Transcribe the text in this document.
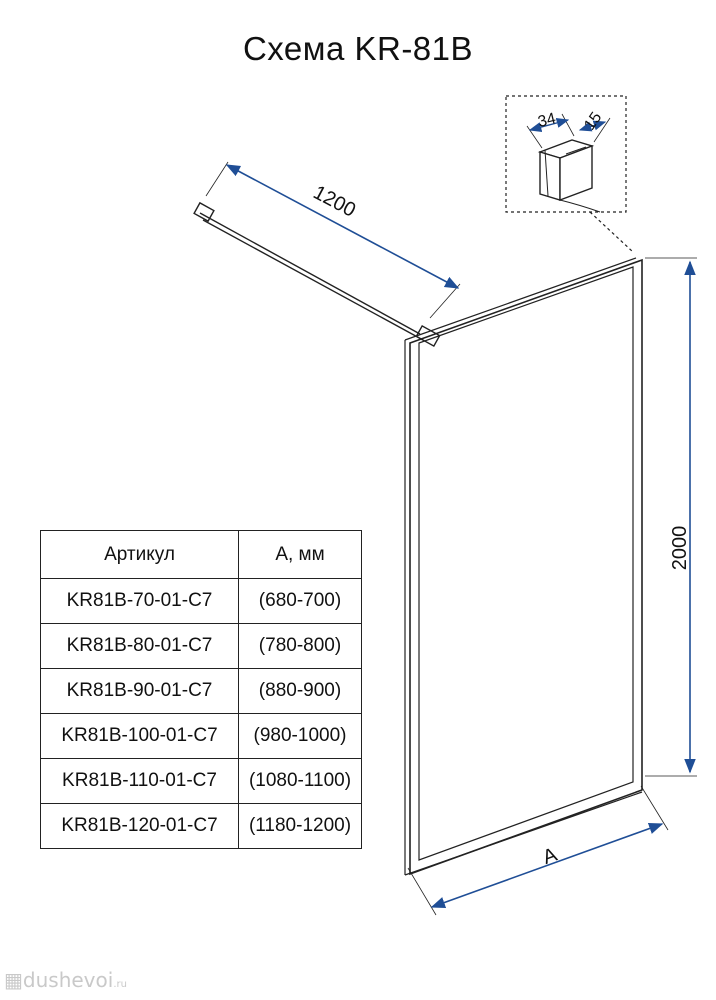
Схема KR-81B
1200
2000
A
34 15
Артикул	А, мм
KR81B-70-01-C7	(680-700)
KR81B-80-01-C7	(780-800)
KR81B-90-01-C7	(880-900)
KR81B-100-01-C7	(980-1000)
KR81B-110-01-C7	(1080-1100)
KR81B-120-01-C7	(1180-1200)
▦dushevoi.ru
